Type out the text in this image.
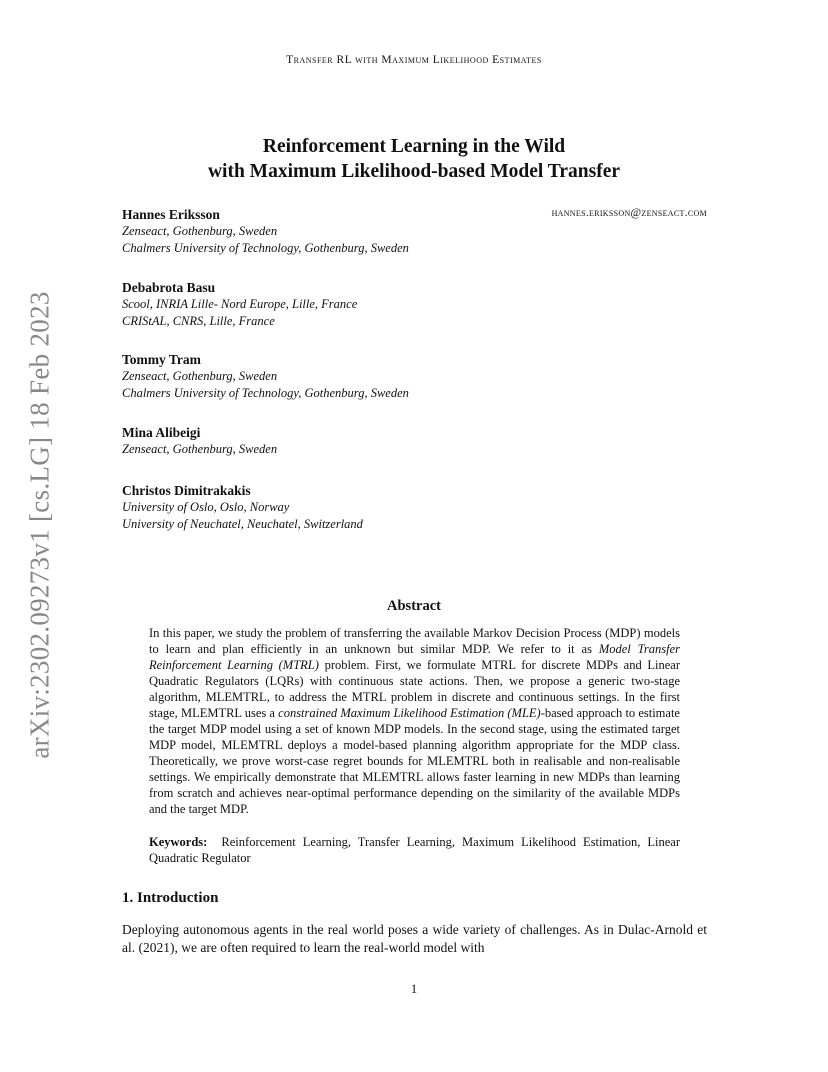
Transfer RL with Maximum Likelihood Estimates
arXiv:2302.09273v1 [cs.LG] 18 Feb 2023
Reinforcement Learning in the Wild
with Maximum Likelihood-based Model Transfer
hannes.eriksson@zenseact.com
Hannes Eriksson
Zenseact, Gothenburg, Sweden
Chalmers University of Technology, Gothenburg, Sweden
Debabrota Basu
Scool, INRIA Lille- Nord Europe, Lille, France
CRIStAL, CNRS, Lille, France
Tommy Tram
Zenseact, Gothenburg, Sweden
Chalmers University of Technology, Gothenburg, Sweden
Mina Alibeigi
Zenseact, Gothenburg, Sweden
Christos Dimitrakakis
University of Oslo, Oslo, Norway
University of Neuchatel, Neuchatel, Switzerland
Abstract

In this paper, we study the problem of transferring the available Markov Decision Process (MDP) models to learn and plan efficiently in an unknown but similar MDP. We refer to it as Model Transfer Reinforcement Learning (MTRL) problem. First, we formulate MTRL for discrete MDPs and Linear Quadratic Regulators (LQRs) with continuous state actions. Then, we propose a generic two-stage algorithm, MLEMTRL, to address the MTRL problem in discrete and continuous settings. In the first stage, MLEMTRL uses a constrained Maximum Likelihood Estimation (MLE)-based approach to estimate the target MDP model using a set of known MDP models. In the second stage, using the estimated target MDP model, MLEMTRL deploys a model-based planning algorithm appropriate for the MDP class. Theoretically, we prove worst-case regret bounds for MLEMTRL both in realisable and non-realisable settings. We empirically demonstrate that MLEMTRL allows faster learning in new MDPs than learning from scratch and achieves near-optimal performance depending on the similarity of the available MDPs and the target MDP.

Keywords: Reinforcement Learning, Transfer Learning, Maximum Likelihood Estimation, Linear Quadratic Regulator
1. Introduction
Deploying autonomous agents in the real world poses a wide variety of challenges. As in Dulac-Arnold et al. (2021), we are often required to learn the real-world model with
1
